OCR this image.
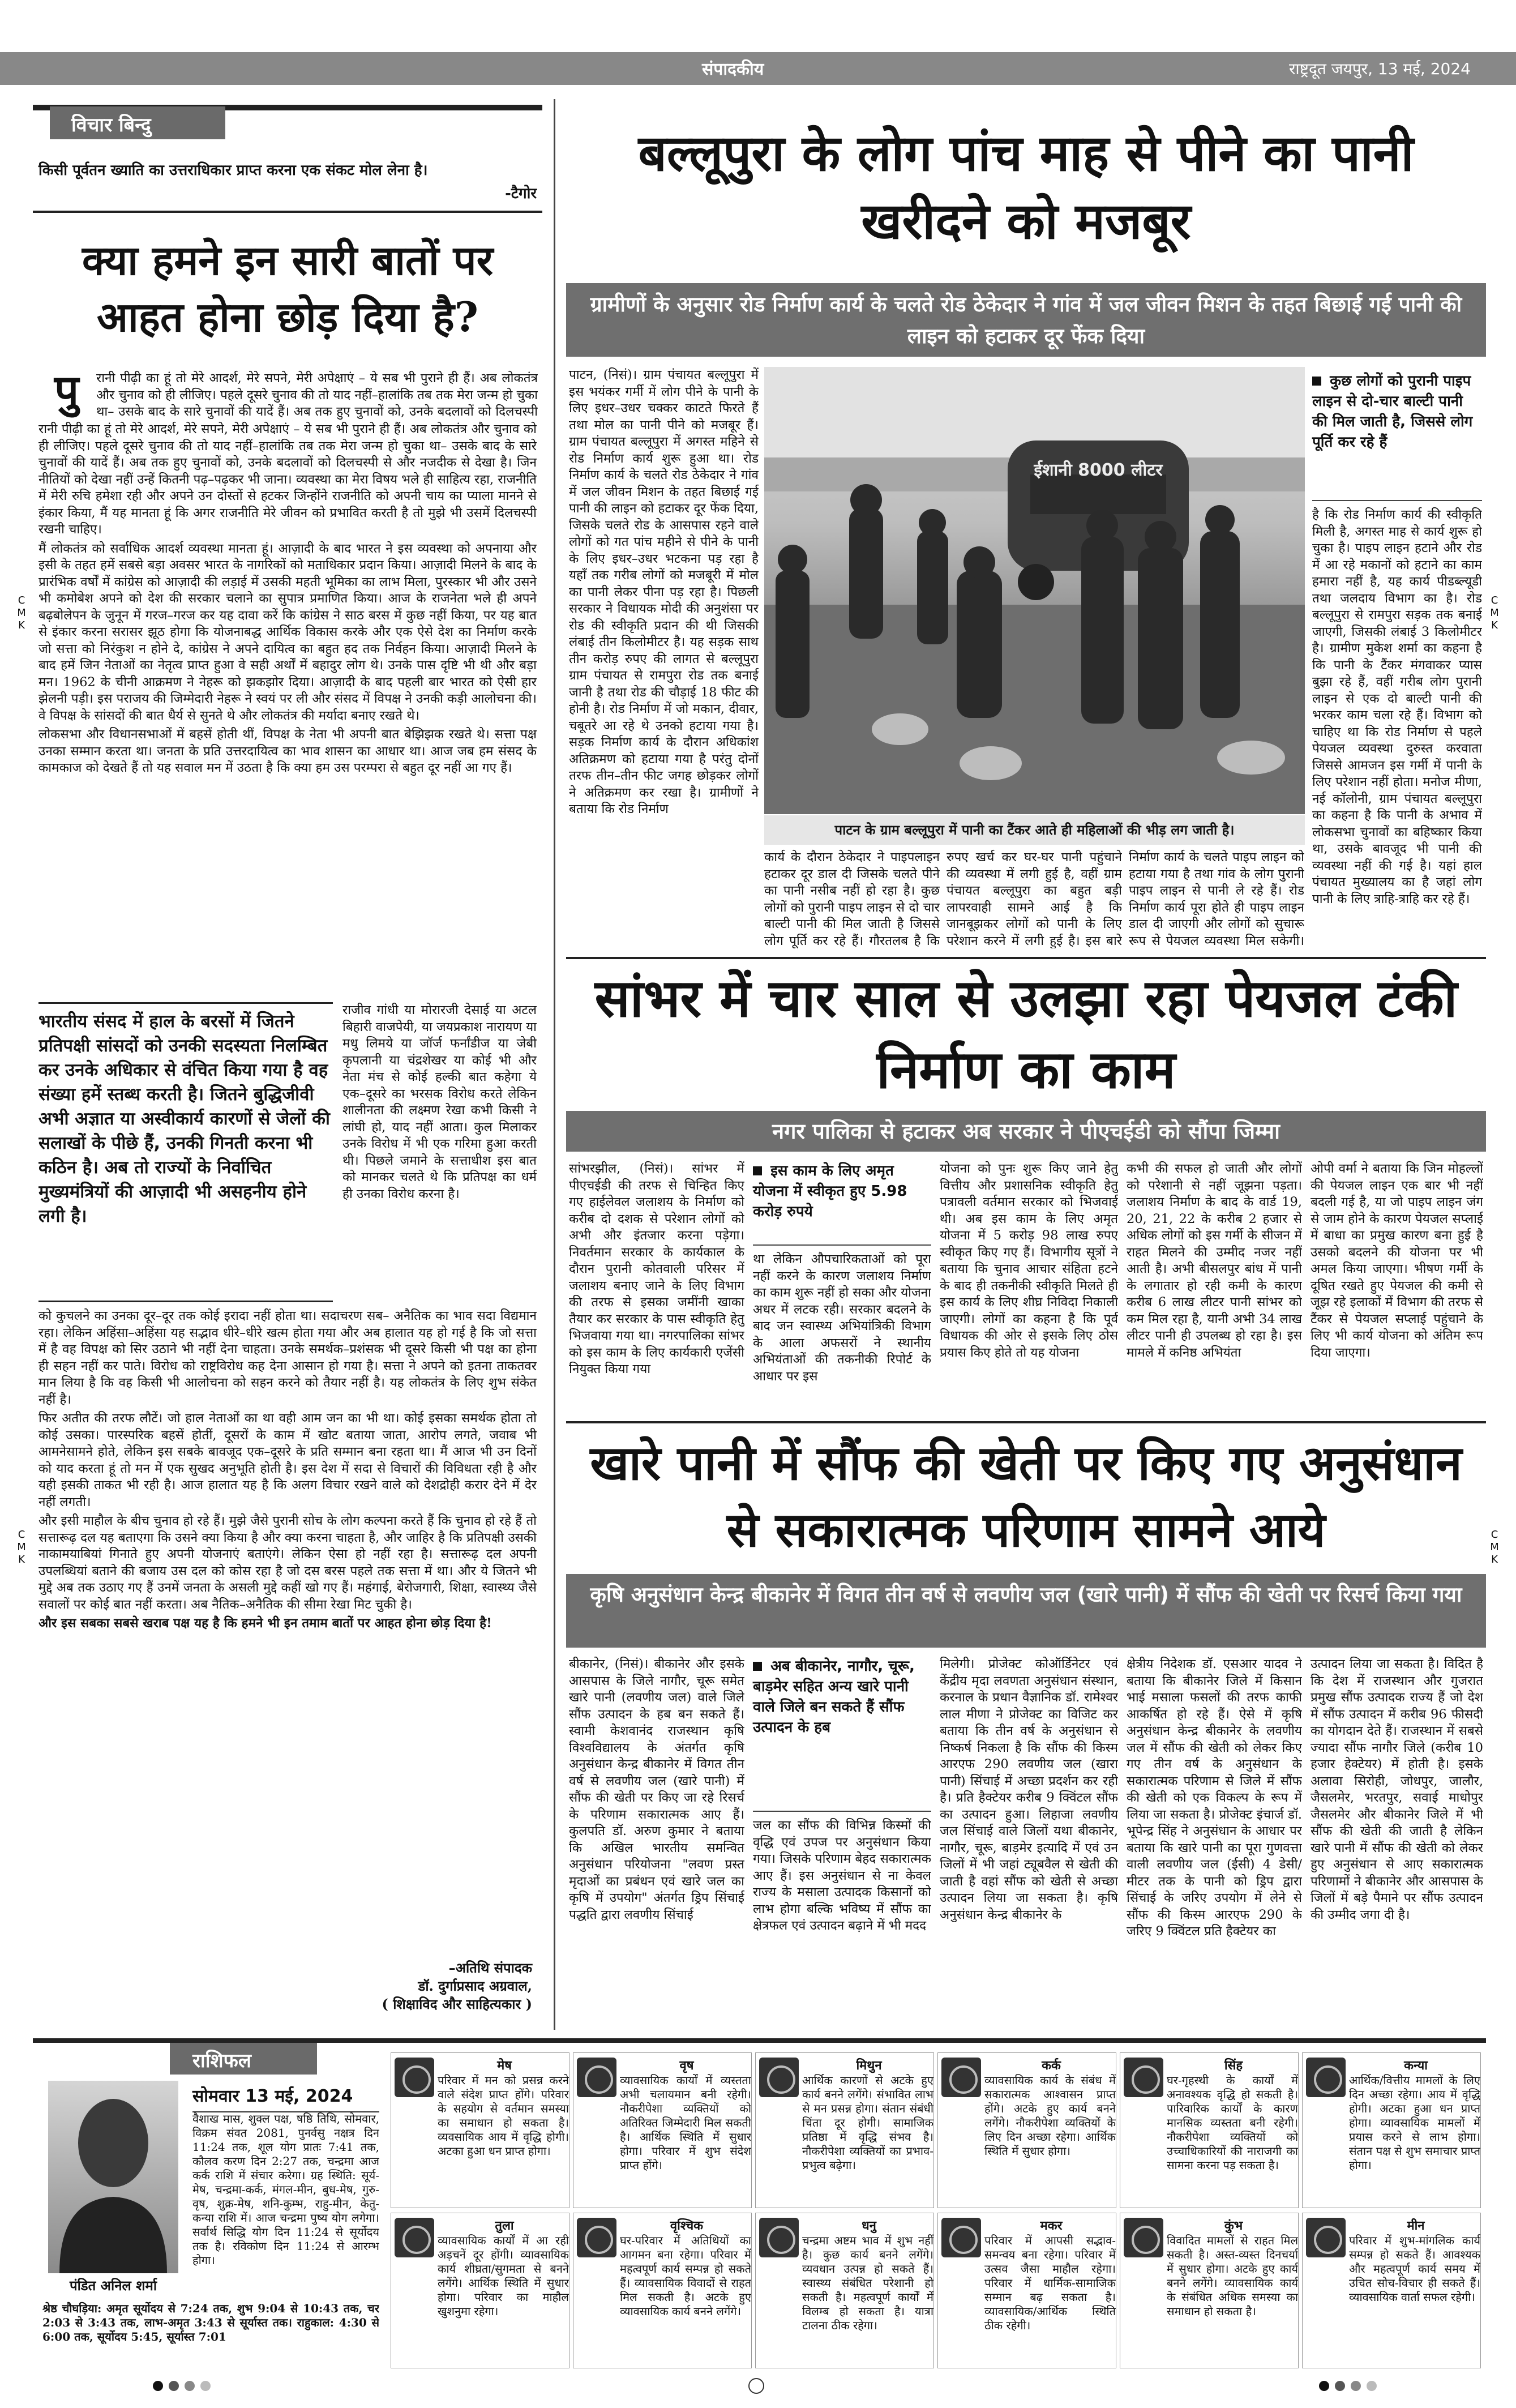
संपादकीय	राष्ट्रदूत जयपुर, 13 मई, 2024
C
M
K
C
M
K
C
M
K
C
M
K
विचार बिन्दु
किसी पूर्वतन ख्याति का उत्तराधिकार प्राप्त करना एक संकट मोल लेना है।
-टैगोर
क्या हमने इन सारी बातों पर आहत होना छोड़ दिया है?
पु	रानी पीढ़ी का हूं तो मेरे आदर्श, मेरे सपने, मेरी अपेक्षाएं – ये सब भी पुराने ही हैं। अब लोकतंत्र और चुनाव को ही लीजिए। पहले दूसरे चुनाव की तो याद नहीं–हालांकि तब तक मेरा जन्म हो चुका था– उसके बाद के सारे चुनावों की यादें हैं। अब तक हुए चुनावों को, उनके बदलावों को दिलचस्पी

रानी पीढ़ी का हूं तो मेरे आदर्श, मेरे सपने, मेरी अपेक्षाएं – ये सब भी पुराने ही हैं। अब लोकतंत्र और चुनाव को ही लीजिए। पहले दूसरे चुनाव की तो याद नहीं–हालांकि तब तक मेरा जन्म हो चुका था– उसके बाद के सारे चुनावों की यादें हैं। अब तक हुए चुनावों को, उनके बदलावों को दिलचस्पी से और नजदीक से देखा है। जिन नीतियों को देखा नहीं उन्हें कितनी पढ़–पढ़कर भी जाना। व्यवस्था का मेरा विषय भले ही साहित्य रहा, राजनीति में मेरी रुचि हमेशा रही और अपने उन दोस्तों से हटकर जिन्होंने राजनीति को अपनी चाय का प्याला मानने से इंकार किया, मैं यह मानता हूं कि अगर राजनीति मेरे जीवन को प्रभावित करती है तो मुझे भी उसमें दिलचस्पी रखनी चाहिए।

मैं लोकतंत्र को सर्वाधिक आदर्श व्यवस्था मानता हूं। आज़ादी के बाद भारत ने इस व्यवस्था को अपनाया और इसी के तहत हमें सबसे बड़ा अवसर भारत के नागरिकों को मताधिकार प्रदान किया। आज़ादी मिलने के बाद के प्रारंभिक वर्षों में कांग्रेस को आज़ादी की लड़ाई में उसकी महती भूमिका का लाभ मिला, पुरस्कार भी और उसने भी कमोबेश अपने को देश की सरकार चलाने का सुपात्र प्रमाणित किया। आज के राजनेता भले ही अपने बढ़बोलेपन के जुनून में गरज–गरज कर यह दावा करें कि कांग्रेस ने साठ बरस में कुछ नहीं किया, पर यह बात से इंकार करना सरासर झूठ होगा कि योजनाबद्ध आर्थिक विकास करके और एक ऐसे देश का निर्माण करके जो सत्ता को निरंकुश न होने दे, कांग्रेस ने अपने दायित्व का बहुत हद तक निर्वहन किया। आज़ादी मिलने के बाद हमें जिन नेताओं का नेतृत्व प्राप्त हुआ वे सही अर्थों में बहादुर लोग थे। उनके पास दृष्टि भी थी और बड़ा मन। 1962 के चीनी आक्रमण ने नेहरू को झकझोर दिया। आज़ादी के बाद पहली बार भारत को ऐसी हार झेलनी पड़ी। इस पराजय की जिम्मेदारी नेहरू ने स्वयं पर ली और संसद में विपक्ष ने उनकी कड़ी आलोचना की। वे विपक्ष के सांसदों की बात धैर्य से सुनते थे और लोकतंत्र की मर्यादा बनाए रखते थे।

लोकसभा और विधानसभाओं में बहसें होती थीं, विपक्ष के नेता भी अपनी बात बेझिझक रखते थे। सत्ता पक्ष उनका सम्मान करता था। जनता के प्रति उत्तरदायित्व का भाव शासन का आधार था। आज जब हम संसद के कामकाज को देखते हैं तो यह सवाल मन में उठता है कि क्या हम उस परम्परा से बहुत दूर नहीं आ गए हैं।

भारतीय संसद में हाल के बरसों में जितने प्रतिपक्षी सांसदों को उनकी सदस्यता निलम्बित कर उनके अधिकार से वंचित किया गया है वह संख्या हमें स्तब्ध करती है। जितने बुद्धिजीवी अभी अज्ञात या अस्वीकार्य कारणों से जेलों की सलाखों के पीछे हैं, उनकी गिनती करना भी कठिन है। अब तो राज्यों के निर्वाचित मुख्यमंत्रियों की आज़ादी भी असहनीय होने लगी है।
राजीव गांधी या मोरारजी देसाई या अटल बिहारी वाजपेयी, या जयप्रकाश नारायण या मधु लिमये या जॉर्ज फर्नांडीज या जेबी कृपलानी या चंद्रशेखर या कोई भी और नेता मंच से कोई हल्की बात कहेगा ये एक–दूसरे का भरसक विरोध करते लेकिन शालीनता की लक्ष्मण रेखा कभी किसी ने लांघी हो, याद नहीं आता। कुल मिलाकर उनके विरोध में भी एक गरिमा हुआ करती थी। पिछले जमाने के सत्ताधीश इस बात को मानकर चलते थे कि प्रतिपक्ष का धर्म ही उनका विरोध करना है।

को कुचलने का उनका दूर–दूर तक कोई इरादा नहीं होता था। सदाचरण सब– अनैतिक का भाव सदा विद्यमान रहा। लेकिन अहिंसा–अहिंसा यह सद्भाव धीरे–धीरे खत्म होता गया और अब हालात यह हो गई है कि जो सत्ता में है वह विपक्ष को सिर उठाने भी नहीं देना चाहता। उनके समर्थक–प्रशंसक भी दूसरे किसी भी पक्ष का होना ही सहन नहीं कर पाते। विरोध को राष्ट्रविरोध कह देना आसान हो गया है। सत्ता ने अपने को इतना ताकतवर मान लिया है कि वह किसी भी आलोचना को सहन करने को तैयार नहीं है। यह लोकतंत्र के लिए शुभ संकेत नहीं है।

फिर अतीत की तरफ लौटें। जो हाल नेताओं का था वही आम जन का भी था। कोई इसका समर्थक होता तो कोई उसका। पारस्परिक बहसें होतीं, दूसरों के काम में खोट बताया जाता, आरोप लगते, जवाब भी आमनेसामने होते, लेकिन इस सबके बावजूद एक–दूसरे के प्रति सम्मान बना रहता था। मैं आज भी उन दिनों को याद करता हूं तो मन में एक सुखद अनुभूति होती है। इस देश में सदा से विचारों की विविधता रही है और यही इसकी ताकत भी रही है। आज हालात यह है कि अलग विचार रखने वाले को देशद्रोही करार देने में देर नहीं लगती।

और इसी माहौल के बीच चुनाव हो रहे हैं। मुझे जैसे पुरानी सोच के लोग कल्पना करते हैं कि चुनाव हो रहे हैं तो सत्तारूढ़ दल यह बताएगा कि उसने क्या किया है और क्या करना चाहता है, और जाहिर है कि प्रतिपक्षी उसकी नाकामयाबियां गिनाते हुए अपनी योजनाएं बताएंगे। लेकिन ऐसा हो नहीं रहा है। सत्तारूढ़ दल अपनी उपलब्धियां बताने की बजाय उस दल को कोस रहा है जो दस बरस पहले तक सत्ता में था। और ये जितने भी मुद्दे अब तक उठाए गए हैं उनमें जनता के असली मुद्दे कहीं खो गए हैं। महंगाई, बेरोजगारी, शिक्षा, स्वास्थ्य जैसे सवालों पर कोई बात नहीं करता। अब नैतिक–अनैतिक की सीमा रेखा मिट चुकी है।

और इस सबका सबसे खराब पक्ष यह है कि हमने भी इन तमाम बातों पर आहत होना छोड़ दिया है!

–अतिथि संपादक
डॉ. दुर्गाप्रसाद अग्रवाल,
( शिक्षाविद और साहित्यकार )
बल्लूपुरा के लोग पांच माह से पीने का पानी खरीदने को मजबूर
ग्रामीणों के अनुसार रोड निर्माण कार्य के चलते रोड ठेकेदार ने गांव में जल जीवन मिशन के तहत बिछाई गई पानी की लाइन को हटाकर दूर फेंक दिया
पाटन, (निसं)। ग्राम पंचायत बल्लूपुरा में इस भयंकर गर्मी में लोग पीने के पानी के लिए इधर–उधर चक्कर काटते फिरते हैं तथा मोल का पानी पीने को मजबूर हैं। ग्राम पंचायत बल्लूपुरा में अगस्त महिने से रोड निर्माण कार्य शुरू हुआ था। रोड निर्माण कार्य के चलते रोड ठेकेदार ने गांव में जल जीवन मिशन के तहत बिछाई गई पानी की लाइन को हटाकर दूर फेंक दिया, जिसके चलते रोड के आसपास रहने वाले लोगों को गत पांच महीने से पीने के पानी के लिए इधर–उधर भटकना पड़ रहा है यहाँ तक गरीब लोगों को मजबूरी में मोल का पानी लेकर पीना पड़ रहा है। पिछली सरकार ने विधायक मोदी की अनुशंसा पर रोड की स्वीकृति प्रदान की थी जिसकी लंबाई तीन किलोमीटर है। यह सड़क साथ तीन करोड़ रुपए की लागत से बल्लूपुरा ग्राम पंचायत से रामपुरा रोड तक बनाई जानी है तथा रोड की चौड़ाई 18 फीट की होनी है। रोड निर्माण में जो मकान, दीवार, चबूतरे आ रहे थे उनको हटाया गया है। सड़क निर्माण कार्य के दौरान अधिकांश अतिक्रमण को हटाया गया है परंतु दोनों तरफ तीन–तीन फीट जगह छोड़कर लोगों ने अतिक्रमण कर रखा है। ग्रामीणों ने बताया कि रोड निर्माण
ईशानी 8000 लीटर
पाटन के ग्राम बल्लूपुरा में पानी का टैंकर आते ही महिलाओं की भीड़ लग जाती है।
कुछ लोगों को पुरानी पाइप लाइन से दो-चार बाल्टी पानी की मिल जाती है, जिससे लोग पूर्ति कर रहे हैं
है कि रोड निर्माण कार्य की स्वीकृति मिली है, अगस्त माह से कार्य शुरू हो चुका है। पाइप लाइन हटाने और रोड में आ रहे मकानों को हटाने का काम हमारा नहीं है, यह कार्य पीडब्ल्यूडी तथा जलदाय विभाग का है। रोड बल्लूपुरा से रामपुरा सड़क तक बनाई जाएगी, जिसकी लंबाई 3 किलोमीटर है। ग्रामीण मुकेश शर्मा का कहना है कि पानी के टैंकर मंगवाकर प्यास बुझा रहे हैं, वहीं गरीब लोग पुरानी लाइन से एक दो बाल्टी पानी की भरकर काम चला रहे हैं। विभाग को चाहिए था कि रोड निर्माण से पहले पेयजल व्यवस्था दुरुस्त करवाता जिससे आमजन इस गर्मी में पानी के लिए परेशान नहीं होता। मनोज मीणा, नई कॉलोनी, ग्राम पंचायत बल्लूपुरा का कहना है कि पानी के अभाव में लोकसभा चुनावों का बहिष्कार किया था, उसके बावजूद भी पानी की व्यवस्था नहीं की गई है। यहां हाल पंचायत मुख्यालय का है जहां लोग पानी के लिए त्राहि-त्राहि कर रहे हैं।
कार्य के दौरान ठेकेदार ने पाइपलाइन हटाकर दूर डाल दी जिसके चलते पीने का पानी नसीब नहीं हो रहा है। कुछ लोगों को पुरानी पाइप लाइन से दो चार बाल्टी पानी की मिल जाती है जिससे लोग पूर्ति कर रहे हैं। गौरतलब है कि
रुपए खर्च कर घर-घर पानी पहुंचाने की व्यवस्था में लगी हुई है, वहीं ग्राम पंचायत बल्लूपुरा का बहुत बड़ी लापरवाही सामने आई है कि जानबूझकर लोगों को पानी के लिए परेशान करने में लगी हुई है। इस बारे
निर्माण कार्य के चलते पाइप लाइन को हटाया गया है तथा गांव के लोग पुरानी पाइप लाइन से पानी ले रहे हैं। रोड निर्माण कार्य पूरा होते ही पाइप लाइन डाल दी जाएगी और लोगों को सुचारू रूप से पेयजल व्यवस्था मिल सकेगी।
सांभर में चार साल से उलझा रहा पेयजल टंकी निर्माण का काम
नगर पालिका से हटाकर अब सरकार ने पीएचईडी को सौंपा जिम्मा
सांभरझील, (निसं)। सांभर में पीएचईडी की तरफ से चिन्हित किए गए हाईलेवल जलाशय के निर्माण को करीब दो दशक से परेशान लोगों को अभी और इंतजार करना पड़ेगा। निवर्तमान सरकार के कार्यकाल के दौरान पुरानी कोतवाली परिसर में जलाशय बनाए जाने के लिए विभाग की तरफ से इसका जमींनी खाका तैयार कर सरकार के पास स्वीकृति हेतु भिजवाया गया था। नगरपालिका सांभर को इस काम के लिए कार्यकारी एजेंसी नियुक्त किया गया
इस काम के लिए अमृत योजना में स्वीकृत हुए 5.98 करोड़ रुपये
था लेकिन औपचारिकताओं को पूरा नहीं करने के कारण जलाशय निर्माण का काम शुरू नहीं हो सका और योजना अधर में लटक रही। सरकार बदलने के बाद जन स्वास्थ्य अभियांत्रिकी विभाग के आला अफसरों ने स्थानीय अभियंताओं की तकनीकी रिपोर्ट के आधार पर इस
योजना को पुनः शुरू किए जाने हेतु वित्तीय और प्रशासनिक स्वीकृति हेतु पत्रावली वर्तमान सरकार को भिजवाई थी। अब इस काम के लिए अमृत योजना में 5 करोड़ 98 लाख रुपए स्वीकृत किए गए हैं। विभागीय सूत्रों ने बताया कि चुनाव आचार संहिता हटने के बाद ही तकनीकी स्वीकृति मिलते ही इस कार्य के लिए शीघ्र निविदा निकाली जाएगी। लोगों का कहना है कि पूर्व विधायक की ओर से इसके लिए ठोस प्रयास किए होते तो यह योजना
कभी की सफल हो जाती और लोगों को परेशानी से नहीं जूझना पड़ता। जलाशय निर्माण के बाद के वार्ड 19, 20, 21, 22 के करीब 2 हजार से अधिक लोगों को इस गर्मी के सीजन में राहत मिलने की उम्मीद नजर नहीं आती है। अभी बीसलपुर बांध में पानी के लगातार हो रही कमी के कारण करीब 6 लाख लीटर पानी सांभर को कम मिल रहा है, यानी अभी 34 लाख लीटर पानी ही उपलब्ध हो रहा है। इस मामले में कनिष्ठ अभियंता
ओपी वर्मा ने बताया कि जिन मोहल्लों की पेयजल लाइन एक बार भी नहीं बदली गई है, या जो पाइप लाइन जंग से जाम होने के कारण पेयजल सप्लाई में बाधा का प्रमुख कारण बना हुई है उसको बदलने की योजना पर भी अमल किया जाएगा। भीषण गर्मी के दूषित रखते हुए पेयजल की कमी से जूझ रहे इलाकों में विभाग की तरफ से टैंकर से पेयजल सप्लाई पहुंचाने के लिए भी कार्य योजना को अंतिम रूप दिया जाएगा।
खारे पानी में सौंफ की खेती पर किए गए अनुसंधान से सकारात्मक परिणाम सामने आये
कृषि अनुसंधान केन्द्र बीकानेर में विगत तीन वर्ष से लवणीय जल (खारे पानी) में सौंफ की खेती पर रिसर्च किया गया
बीकानेर, (निसं)। बीकानेर और इसके आसपास के जिले नागौर, चूरू समेत खारे पानी (लवणीय जल) वाले जिले सौंफ उत्पादन के हब बन सकते हैं। स्वामी केशवानंद राजस्थान कृषि विश्वविद्यालय के अंतर्गत कृषि अनुसंधान केन्द्र बीकानेर में विगत तीन वर्ष से लवणीय जल (खारे पानी) में सौंफ की खेती पर किए जा रहे रिसर्च के परिणाम सकारात्मक आए हैं। कुलपति डॉ. अरुण कुमार ने बताया कि अखिल भारतीय समन्वित अनुसंधान परियोजना "लवण प्रस्त मृदाओं का प्रबंधन एवं खारे जल का कृषि में उपयोग" अंतर्गत ड्रिप सिंचाई पद्धति द्वारा लवणीय सिंचाई
अब बीकानेर, नागौर, चूरू, बाड़मेर सहित अन्य खारे पानी वाले जिले बन सकते हैं सौंफ उत्पादन के हब
जल का सौंफ की विभिन्न किस्मों की वृद्धि एवं उपज पर अनुसंधान किया गया। जिसके परिणाम बेहद सकारात्मक आए हैं। इस अनुसंधान से ना केवल राज्य के मसाला उत्पादक किसानों को लाभ होगा बल्कि भविष्य में सौंफ का क्षेत्रफल एवं उत्पादन बढ़ाने में भी मदद
मिलेगी। प्रोजेक्ट कोऑर्डिनेटर एवं केंद्रीय मृदा लवणता अनुसंधान संस्थान, करनाल के प्रधान वैज्ञानिक डॉ. रामेश्वर लाल मीणा ने प्रोजेक्ट का विजिट कर बताया कि तीन वर्ष के अनुसंधान से निष्कर्ष निकला है कि सौंफ की किस्म आरएफ 290 लवणीय जल (खारा पानी) सिंचाई में अच्छा प्रदर्शन कर रही है। प्रति हैक्टेयर करीब 9 क्विंटल सौंफ का उत्पादन हुआ। लिहाजा लवणीय जल सिंचाई वाले जिलों यथा बीकानेर, नागौर, चूरू, बाड़मेर इत्यादि में एवं उन जिलों में भी जहां ट्यूबवैल से खेती की जाती है वहां सौंफ को खेती से अच्छा उत्पादन लिया जा सकता है। कृषि अनुसंधान केन्द्र बीकानेर के
क्षेत्रीय निदेशक डॉ. एसआर यादव ने बताया कि बीकानेर जिले में किसान भाई मसाला फसलों की तरफ काफी आकर्षित हो रहे हैं। ऐसे में कृषि अनुसंधान केन्द्र बीकानेर के लवणीय जल में सौंफ की खेती को लेकर किए गए तीन वर्ष के अनुसंधान के सकारात्मक परिणाम से जिले में सौंफ की खेती को एक विकल्प के रूप में लिया जा सकता है। प्रोजेक्ट इंचार्ज डॉ. भूपेन्द्र सिंह ने अनुसंधान के आधार पर बताया कि खारे पानी का पूरा गुणवत्ता वाली लवणीय जल (ईसी) 4 डेसी/मीटर तक के पानी को ड्रिप द्वारा सिंचाई के जरिए उपयोग में लेने से सौंफ की किस्म आरएफ 290 के जरिए 9 क्विंटल प्रति हैक्टेयर का
उत्पादन लिया जा सकता है। विदित है कि देश में राजस्थान और गुजरात प्रमुख सौंफ उत्पादक राज्य हैं जो देश में सौंफ उत्पादन में करीब 96 फीसदी का योगदान देते हैं। राजस्थान में सबसे ज्यादा सौंफ नागौर जिले (करीब 10 हजार हेक्टेयर) में होती है। इसके अलावा सिरोही, जोधपुर, जालौर, जैसलमेर, भरतपुर, सवाई माधोपुर जैसलमेर और बीकानेर जिले में भी सौंफ की खेती की जाती है लेकिन खारे पानी में सौंफ की खेती को लेकर हुए अनुसंधान से आए सकारात्मक परिणामों ने बीकानेर और आसपास के जिलों में बड़े पैमाने पर सौंफ उत्पादन की उम्मीद जगा दी है।
राशिफल
पंडित अनिल शर्मा
सोमवार 13 मई, 2024
वैशाख मास, शुक्ल पक्ष, षष्ठि तिथि, सोमवार, विक्रम संवत 2081, पुनर्वसु नक्षत्र दिन 11:24 तक, शूल योग प्रातः 7:41 तक, कौलव करण दिन 2:27 तक, चन्द्रमा आज कर्क राशि में संचार करेगा। ग्रह स्थिति: सूर्य-मेष, चन्द्रमा-कर्क, मंगल-मीन, बुध-मेष, गुरु-वृष, शुक्र-मेष, शनि-कुम्भ, राहु-मीन, केतु-कन्या राशि में। आज चन्द्रमा पुष्य योग लगेगा। सर्वार्थ सिद्धि योग दिन 11:24 से सूर्योदय तक है। रविकोण दिन 11:24 से आरम्भ होगा।
श्रेष्ठ चौघड़िया: अमृत सूर्योदय से 7:24 तक, शुभ 9:04 से 10:43 तक, चर 2:03 से 3:43 तक, लाभ-अमृत 3:43 से सूर्यास्त तक। राहुकाल: 4:30 से 6:00 तक, सूर्योदय 5:45, सूर्यास्त 7:01
मेष
परिवार में मन को प्रसन्न करने वाले संदेश प्राप्त होंगे। परिवार के सहयोग से वर्तमान समस्या का समाधान हो सकता है। व्यवसायिक आय में वृद्धि होगी। अटका हुआ धन प्राप्त होगा।
वृष
व्यावसायिक कार्यों में व्यस्तता अभी चलायमान बनी रहेगी। नौकरीपेशा व्यक्तियों को अतिरिक्त जिम्मेदारी मिल सकती है। आर्थिक स्थिति में सुधार होगा। परिवार में शुभ संदेश प्राप्त होंगे।
मिथुन
आर्थिक कारणों से अटके हुए कार्य बनने लगेंगे। संभावित लाभ से मन प्रसन्न होगा। संतान संबंधी चिंता दूर होगी। सामाजिक प्रतिष्ठा में वृद्धि संभव है। नौकरीपेशा व्यक्तियों का प्रभाव-प्रभुत्व बढ़ेगा।
कर्क
व्यावसायिक कार्य के संबंध में सकारात्मक आश्वासन प्राप्त होंगे। अटके हुए कार्य बनने लगेंगे। नौकरीपेशा व्यक्तियों के लिए दिन अच्छा रहेगा। आर्थिक स्थिति में सुधार होगा।
सिंह
घर-गृहस्थी के कार्यों में अनावश्यक वृद्धि हो सकती है। पारिवारिक कार्यों के कारण मानसिक व्यस्तता बनी रहेगी। नौकरीपेशा व्यक्तियों को उच्चाधिकारियों की नाराजगी का सामना करना पड़ सकता है।
कन्या
आर्थिक/वित्तीय मामलों के लिए दिन अच्छा रहेगा। आय में वृद्धि होगी। अटका हुआ धन प्राप्त होगा। व्यावसायिक मामलों में प्रयास करने से लाभ होगा। संतान पक्ष से शुभ समाचार प्राप्त होगा।
तुला
व्यावसायिक कार्यों में आ रही अड़चनें दूर होंगी। व्यावसायिक कार्य शीघ्रता/सुगमता से बनने लगेंगे। आर्थिक स्थिति में सुधार होगा। परिवार का माहौल खुशनुमा रहेगा।
वृश्चिक
घर-परिवार में अतिथियों का आगमन बना रहेगा। परिवार में महत्वपूर्ण कार्य सम्पन्न हो सकते हैं। व्यावसायिक विवादों से राहत मिल सकती है। अटके हुए व्यावसायिक कार्य बनने लगेंगे।
धनु
चन्द्रमा अष्टम भाव में शुभ नहीं है। कुछ कार्य बनने लगेंगे। व्यवधान उत्पन्न हो सकते हैं। स्वास्थ्य संबंधित परेशानी हो सकती है। महत्वपूर्ण कार्यों में विलम्ब हो सकता है। यात्रा टालना ठीक रहेगा।
मकर
परिवार में आपसी सद्भाव-समन्वय बना रहेगा। परिवार में उत्सव जैसा माहौल रहेगा। परिवार में धार्मिक-सामाजिक सम्मान बढ़ सकता है। व्यावसायिक/आर्थिक स्थिति ठीक रहेगी।
कुंभ
विवादित मामलों से राहत मिल सकती है। अस्त-व्यस्त दिनचर्या में सुधार होगा। अटके हुए कार्य बनने लगेंगे। व्यावसायिक कार्य के संबंधित अधिक समस्या का समाधान हो सकता है।
मीन
परिवार में शुभ-मांगलिक कार्य सम्पन्न हो सकते हैं। आवश्यक और महत्वपूर्ण कार्य समय में उचित सोच-विचार ही सकते हैं। व्यावसायिक वार्ता सफल रहेगी।
